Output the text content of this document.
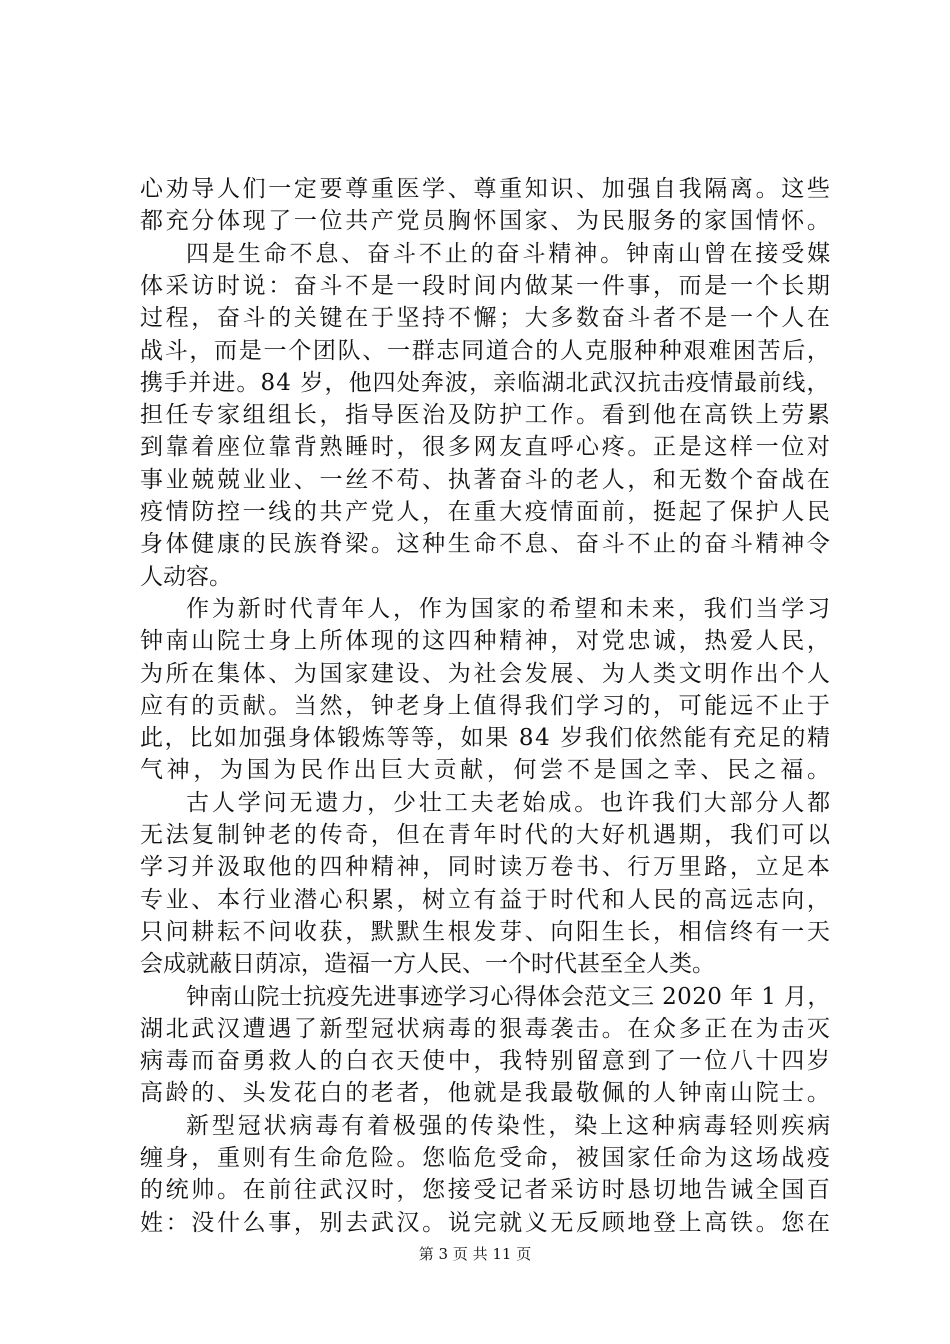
心劝导人们一定要尊重医学、尊重知识、加强自我隔离。这些
都充分体现了一位共产党员胸怀国家、为民服务的家国情怀。
四是生命不息、奋斗不止的奋斗精神。钟南山曾在接受媒
体采访时说：奋斗不是一段时间内做某一件事，而是一个长期
过程，奋斗的关键在于坚持不懈；大多数奋斗者不是一个人在
战斗，而是一个团队、一群志同道合的人克服种种艰难困苦后，
携手并进。84 岁，他四处奔波，亲临湖北武汉抗击疫情最前线，
担任专家组组长，指导医治及防护工作。看到他在高铁上劳累
到靠着座位靠背熟睡时，很多网友直呼心疼。正是这样一位对
事业兢兢业业、一丝不苟、执著奋斗的老人，和无数个奋战在
疫情防控一线的共产党人，在重大疫情面前，挺起了保护人民
身体健康的民族脊梁。这种生命不息、奋斗不止的奋斗精神令
人动容。
作为新时代青年人，作为国家的希望和未来，我们当学习
钟南山院士身上所体现的这四种精神，对党忠诚，热爱人民，
为所在集体、为国家建设、为社会发展、为人类文明作出个人
应有的贡献。当然，钟老身上值得我们学习的，可能远不止于
此，比如加强身体锻炼等等，如果 84 岁我们依然能有充足的精
气神，为国为民作出巨大贡献，何尝不是国之幸、民之福。
古人学问无遗力，少壮工夫老始成。也许我们大部分人都
无法复制钟老的传奇，但在青年时代的大好机遇期，我们可以
学习并汲取他的四种精神，同时读万卷书、行万里路，立足本
专业、本行业潜心积累，树立有益于时代和人民的高远志向，
只问耕耘不问收获，默默生根发芽、向阳生长，相信终有一天
会成就蔽日荫凉，造福一方人民、一个时代甚至全人类。
钟南山院士抗疫先进事迹学习心得体会范文三 2020 年 1 月，
湖北武汉遭遇了新型冠状病毒的狠毒袭击。在众多正在为击灭
病毒而奋勇救人的白衣天使中，我特别留意到了一位八十四岁
高龄的、头发花白的老者，他就是我最敬佩的人钟南山院士。
新型冠状病毒有着极强的传染性，染上这种病毒轻则疾病
缠身，重则有生命危险。您临危受命，被国家任命为这场战疫
的统帅。在前往武汉时，您接受记者采访时恳切地告诫全国百
姓：没什么事，别去武汉。说完就义无反顾地登上高铁。您在
第 3 页 共 11 页
